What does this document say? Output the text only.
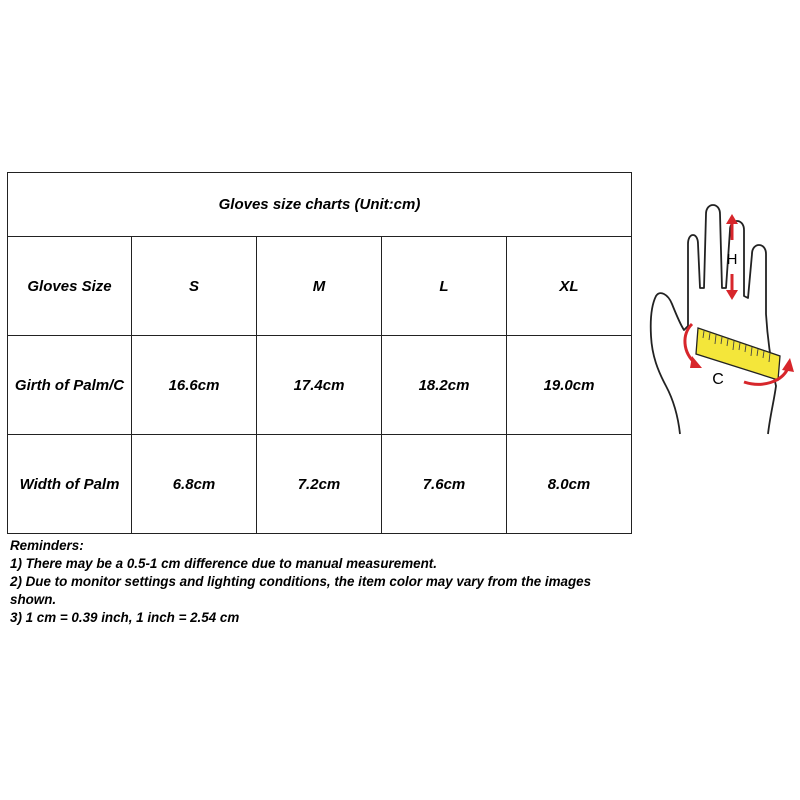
Gloves size charts (Unit:cm)				
Gloves Size	S	M	L	XL
Girth of Palm/C	16.6cm	17.4cm	18.2cm	19.0cm
Width of Palm	6.8cm	7.2cm	7.6cm	8.0cm
Reminders:
1) There may be a 0.5-1 cm difference due to manual measurement.
2) Due to monitor settings and lighting conditions, the item color may vary from the images shown.
3) 1 cm = 0.39 inch, 1 inch = 2.54 cm
H
C
